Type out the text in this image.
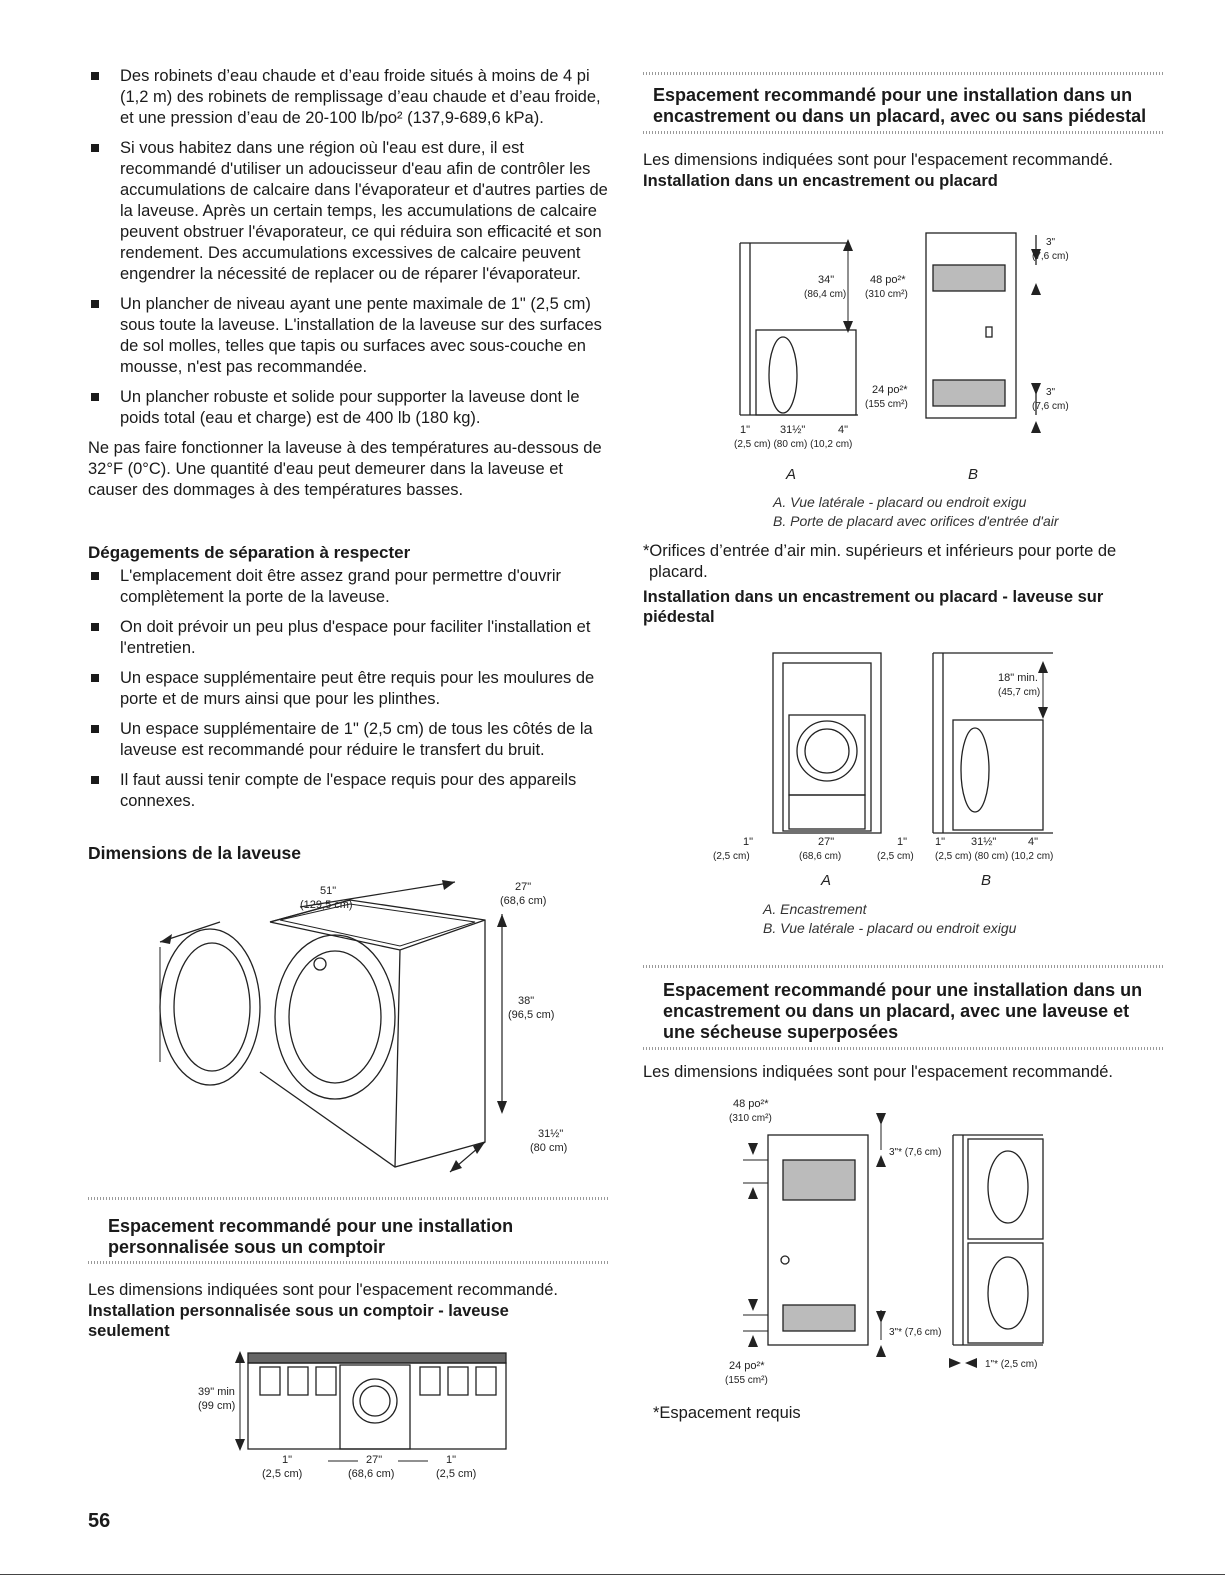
Des robinets d’eau chaude et d’eau froide situés à moins de 4 pi (1,2 m) des robinets de remplissage d’eau chaude et d’eau froide, et une pression d’eau de 20-100 lb/po² (137,9-689,6 kPa).
Si vous habitez dans une région où l'eau est dure, il est recommandé d'utiliser un adoucisseur d'eau afin de contrôler les accumulations de calcaire dans l'évaporateur et d'autres parties de la laveuse. Après un certain temps, les accumulations de calcaire peuvent obstruer l'évaporateur, ce qui réduira son efficacité et son rendement. Des accumulations excessives de calcaire peuvent engendrer la nécessité de replacer ou de réparer l'évaporateur.
Un plancher de niveau ayant une pente maximale de 1" (2,5 cm) sous toute la laveuse. L'installation de la laveuse sur des surfaces de sol molles, telles que tapis ou surfaces avec sous-couche en mousse, n'est pas recommandée.
Un plancher robuste et solide pour supporter la laveuse dont le poids total (eau et charge) est de 400 lb (180 kg).

Ne pas faire fonctionner la laveuse à des températures au-dessous de 32°F (0°C). Une quantité d'eau peut demeurer dans la laveuse et causer des dommages à des températures basses.

Dégagements de séparation à respecter

L'emplacement doit être assez grand pour permettre d'ouvrir complètement la porte de la laveuse.
On doit prévoir un peu plus d'espace pour faciliter l'installation et l'entretien.
Un espace supplémentaire peut être requis pour les moulures de porte et de murs ainsi que pour les plinthes.
Un espace supplémentaire de 1" (2,5 cm) de tous les côtés de la laveuse est recommandé pour réduire le transfert du bruit.
Il faut aussi tenir compte de l'espace requis pour des appareils connexes.

Dimensions de la laveuse

51"
(129,5 cm)
27"
(68,6 cm)
38"
(96,5 cm)
31½"
(80 cm)

Espacement recommandé pour une installation personnalisée sous un comptoir

Les dimensions indiquées sont pour l'espacement recommandé.

Installation personnalisée sous un comptoir - laveuse seulement

39" min
(99 cm)
1"
(2,5 cm)
27"
(68,6 cm)
1"
(2,5 cm)

Espacement recommandé pour une installation dans un encastrement ou dans un placard, avec ou sans piédestal

Les dimensions indiquées sont pour l'espacement recommandé.

Installation dans un encastrement ou placard

34"
(86,4 cm)
48 po²*
(310 cm²)
24 po²*
(155 cm²)
3"
(7,6 cm)
3"
(7,6 cm)
1"	31½"	4"
(2,5 cm) (80 cm) (10,2 cm)
A	B

A. Vue latérale - placard ou endroit exigu

B. Porte de placard avec orifices d'entrée d'air

*Orifices d’entrée d’air min. supérieurs et inférieurs pour porte de placard.

Installation dans un encastrement ou placard - laveuse sur piédestal

18" min.
(45,7 cm)
1"
(2,5 cm)
27"
(68,6 cm)
1"
(2,5 cm)
1" 31½"	4"
(2,5 cm) (80 cm) (10,2 cm)
A	B

A. Encastrement

B. Vue latérale - placard ou endroit exigu

Espacement recommandé pour une installation dans un encastrement ou dans un placard, avec une laveuse et une sécheuse superposées

Les dimensions indiquées sont pour l'espacement recommandé.

48 po²*
(310 cm²)
3"* (7,6 cm)
3"* (7,6 cm)
24 po²*
(155 cm²)
1"* (2,5 cm)

*Espacement requis

56
